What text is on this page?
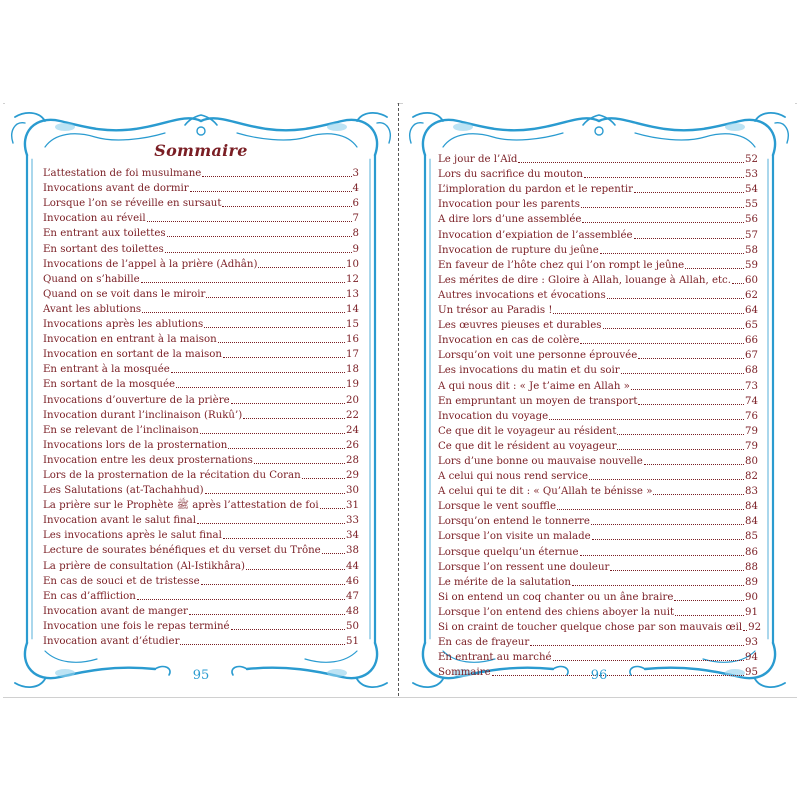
Sommaire
L’attestation de foi musulmane	3
Invocations avant de dormir	4
Lorsque l’on se réveille en sursaut	6
Invocation au réveil	7
En entrant aux toilettes	8
En sortant des toilettes	9
Invocations de l’appel à la prière (Adhân)	10
Quand on s’habille	12
Quand on se voit dans le miroir	13
Avant les ablutions	14
Invocations après les ablutions	15
Invocation en entrant à la maison	16
Invocation en sortant de la maison	17
En entrant à la mosquée	18
En sortant de la mosquée	19
Invocations d’ouverture de la prière	20
Invocation durant l’inclinaison (Rukû’)	22
En se relevant de l’inclinaison	24
Invocations lors de la prosternation	26
Invocation entre les deux prosternations	28
Lors de la prosternation de la récitation du Coran	29
Les Salutations (at-Tachahhud)	30
La prière sur le Prophète ﷺ après l’attestation de foi	31
Invocation avant le salut final	33
Les invocations après le salut final	34
Lecture de sourates bénéfiques et du verset du Trône 38
La prière de consultation (Al-Istikhâra)	44
En cas de souci et de tristesse	46
En cas d’affliction	47
Invocation avant de manger	48
Invocation une fois le repas terminé	50
Invocation avant d’étudier	51
95
Le jour de l’Aïd	52
Lors du sacrifice du mouton	53
L’imploration du pardon et le repentir	54
Invocation pour les parents	55
A dire lors d’une assemblée	56
Invocation d’expiation de l’assemblée	57
Invocation de rupture du jeûne	58
En faveur de l’hôte chez qui l’on rompt le jeûne	59
Les mérites de dire : Gloire à Allah, louange à Allah, etc. 60
Autres invocations et évocations	62
Un trésor au Paradis !	64
Les œuvres pieuses et durables	65
Invocation en cas de colère	66
Lorsqu’on voit une personne éprouvée	67
Les invocations du matin et du soir	68
A qui nous dit : « Je t’aime en Allah »	73
En empruntant un moyen de transport	74
Invocation du voyage	76
Ce que dit le voyageur au résident	79
Ce que dit le résident au voyageur	79
Lors d’une bonne ou mauvaise nouvelle	80
A celui qui nous rend service	82
A celui qui te dit : « Qu’Allah te bénisse »	83
Lorsque le vent souffle	84
Lorsqu’on entend le tonnerre	84
Lorsque l’on visite un malade	85
Lorsque quelqu’un éternue	86
Lorsque l’on ressent une douleur	88
Le mérite de la salutation	89
Si on entend un coq chanter ou un âne braire	90
Lorsque l’on entend des chiens aboyer la nuit	91
Si on craint de toucher quelque chose par son mauvais œil 92
En cas de frayeur	93
En entrant au marché	94
Sommaire	95
96
